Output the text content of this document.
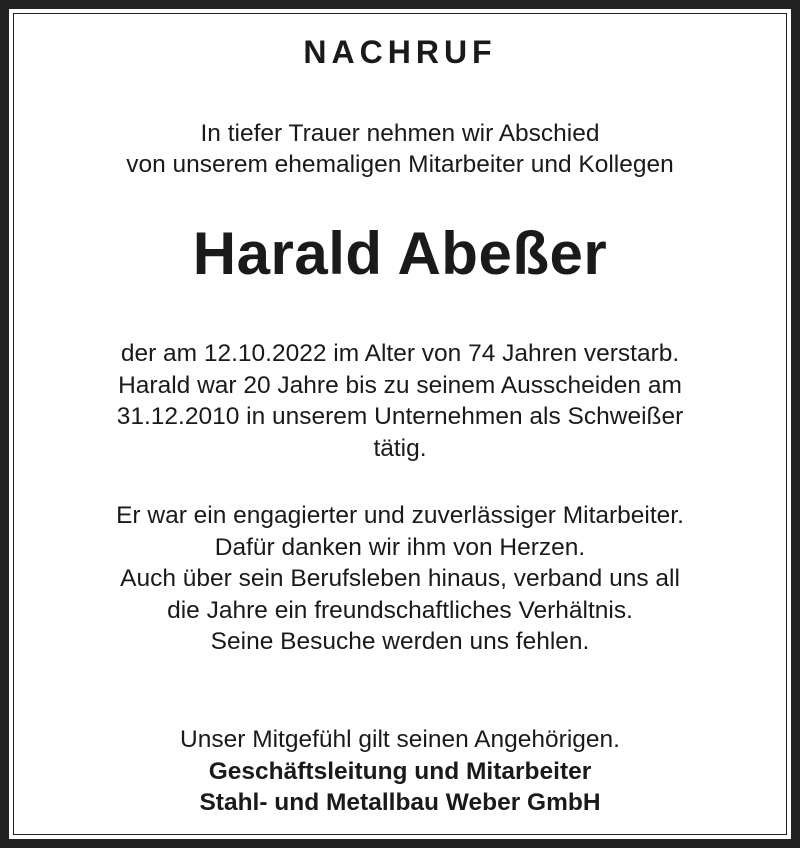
NACHRUF
In tiefer Trauer nehmen wir Abschied
von unserem ehemaligen Mitarbeiter und Kollegen
Harald Abeßer
der am 12.10.2022 im Alter von 74 Jahren verstarb.
Harald war 20 Jahre bis zu seinem Ausscheiden am
31.12.2010 in unserem Unternehmen als Schweißer
tätig.
Er war ein engagierter und zuverlässiger Mitarbeiter.
Dafür danken wir ihm von Herzen.
Auch über sein Berufsleben hinaus, verband uns all
die Jahre ein freundschaftliches Verhältnis.
Seine Besuche werden uns fehlen.
Unser Mitgefühl gilt seinen Angehörigen.
Geschäftsleitung und Mitarbeiter
Stahl- und Metallbau Weber GmbH
